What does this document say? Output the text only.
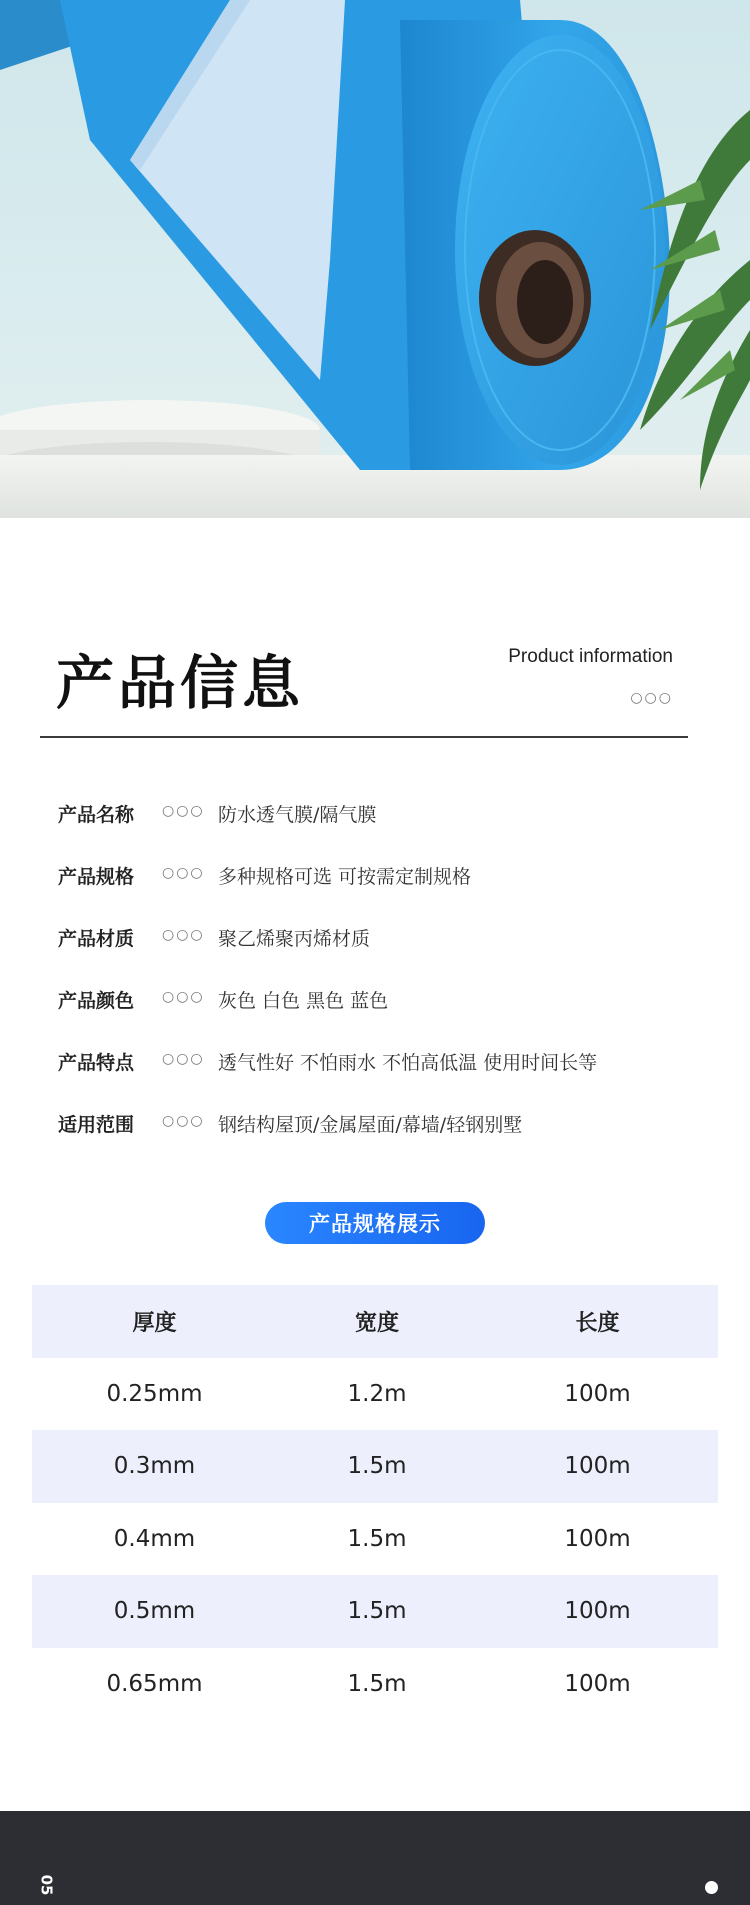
产品信息	Product information
○○○
产品名称	○○○ 防水透气膜/隔气膜
产品规格	○○○ 多种规格可选 可按需定制规格
产品材质	○○○ 聚乙烯聚丙烯材质
产品颜色	○○○ 灰色 白色 黑色 蓝色
产品特点	○○○ 透气性好 不怕雨水 不怕高低温 使用时间长等
适用范围	○○○ 钢结构屋顶/金属屋面/幕墙/轻钢别墅
产品规格展示
厚度	宽度	长度
0.25mm	1.2m	100m
0.3mm	1.5m	100m
0.4mm	1.5m	100m
0.5mm	1.5m	100m
0.65mm	1.5m	100m
05
